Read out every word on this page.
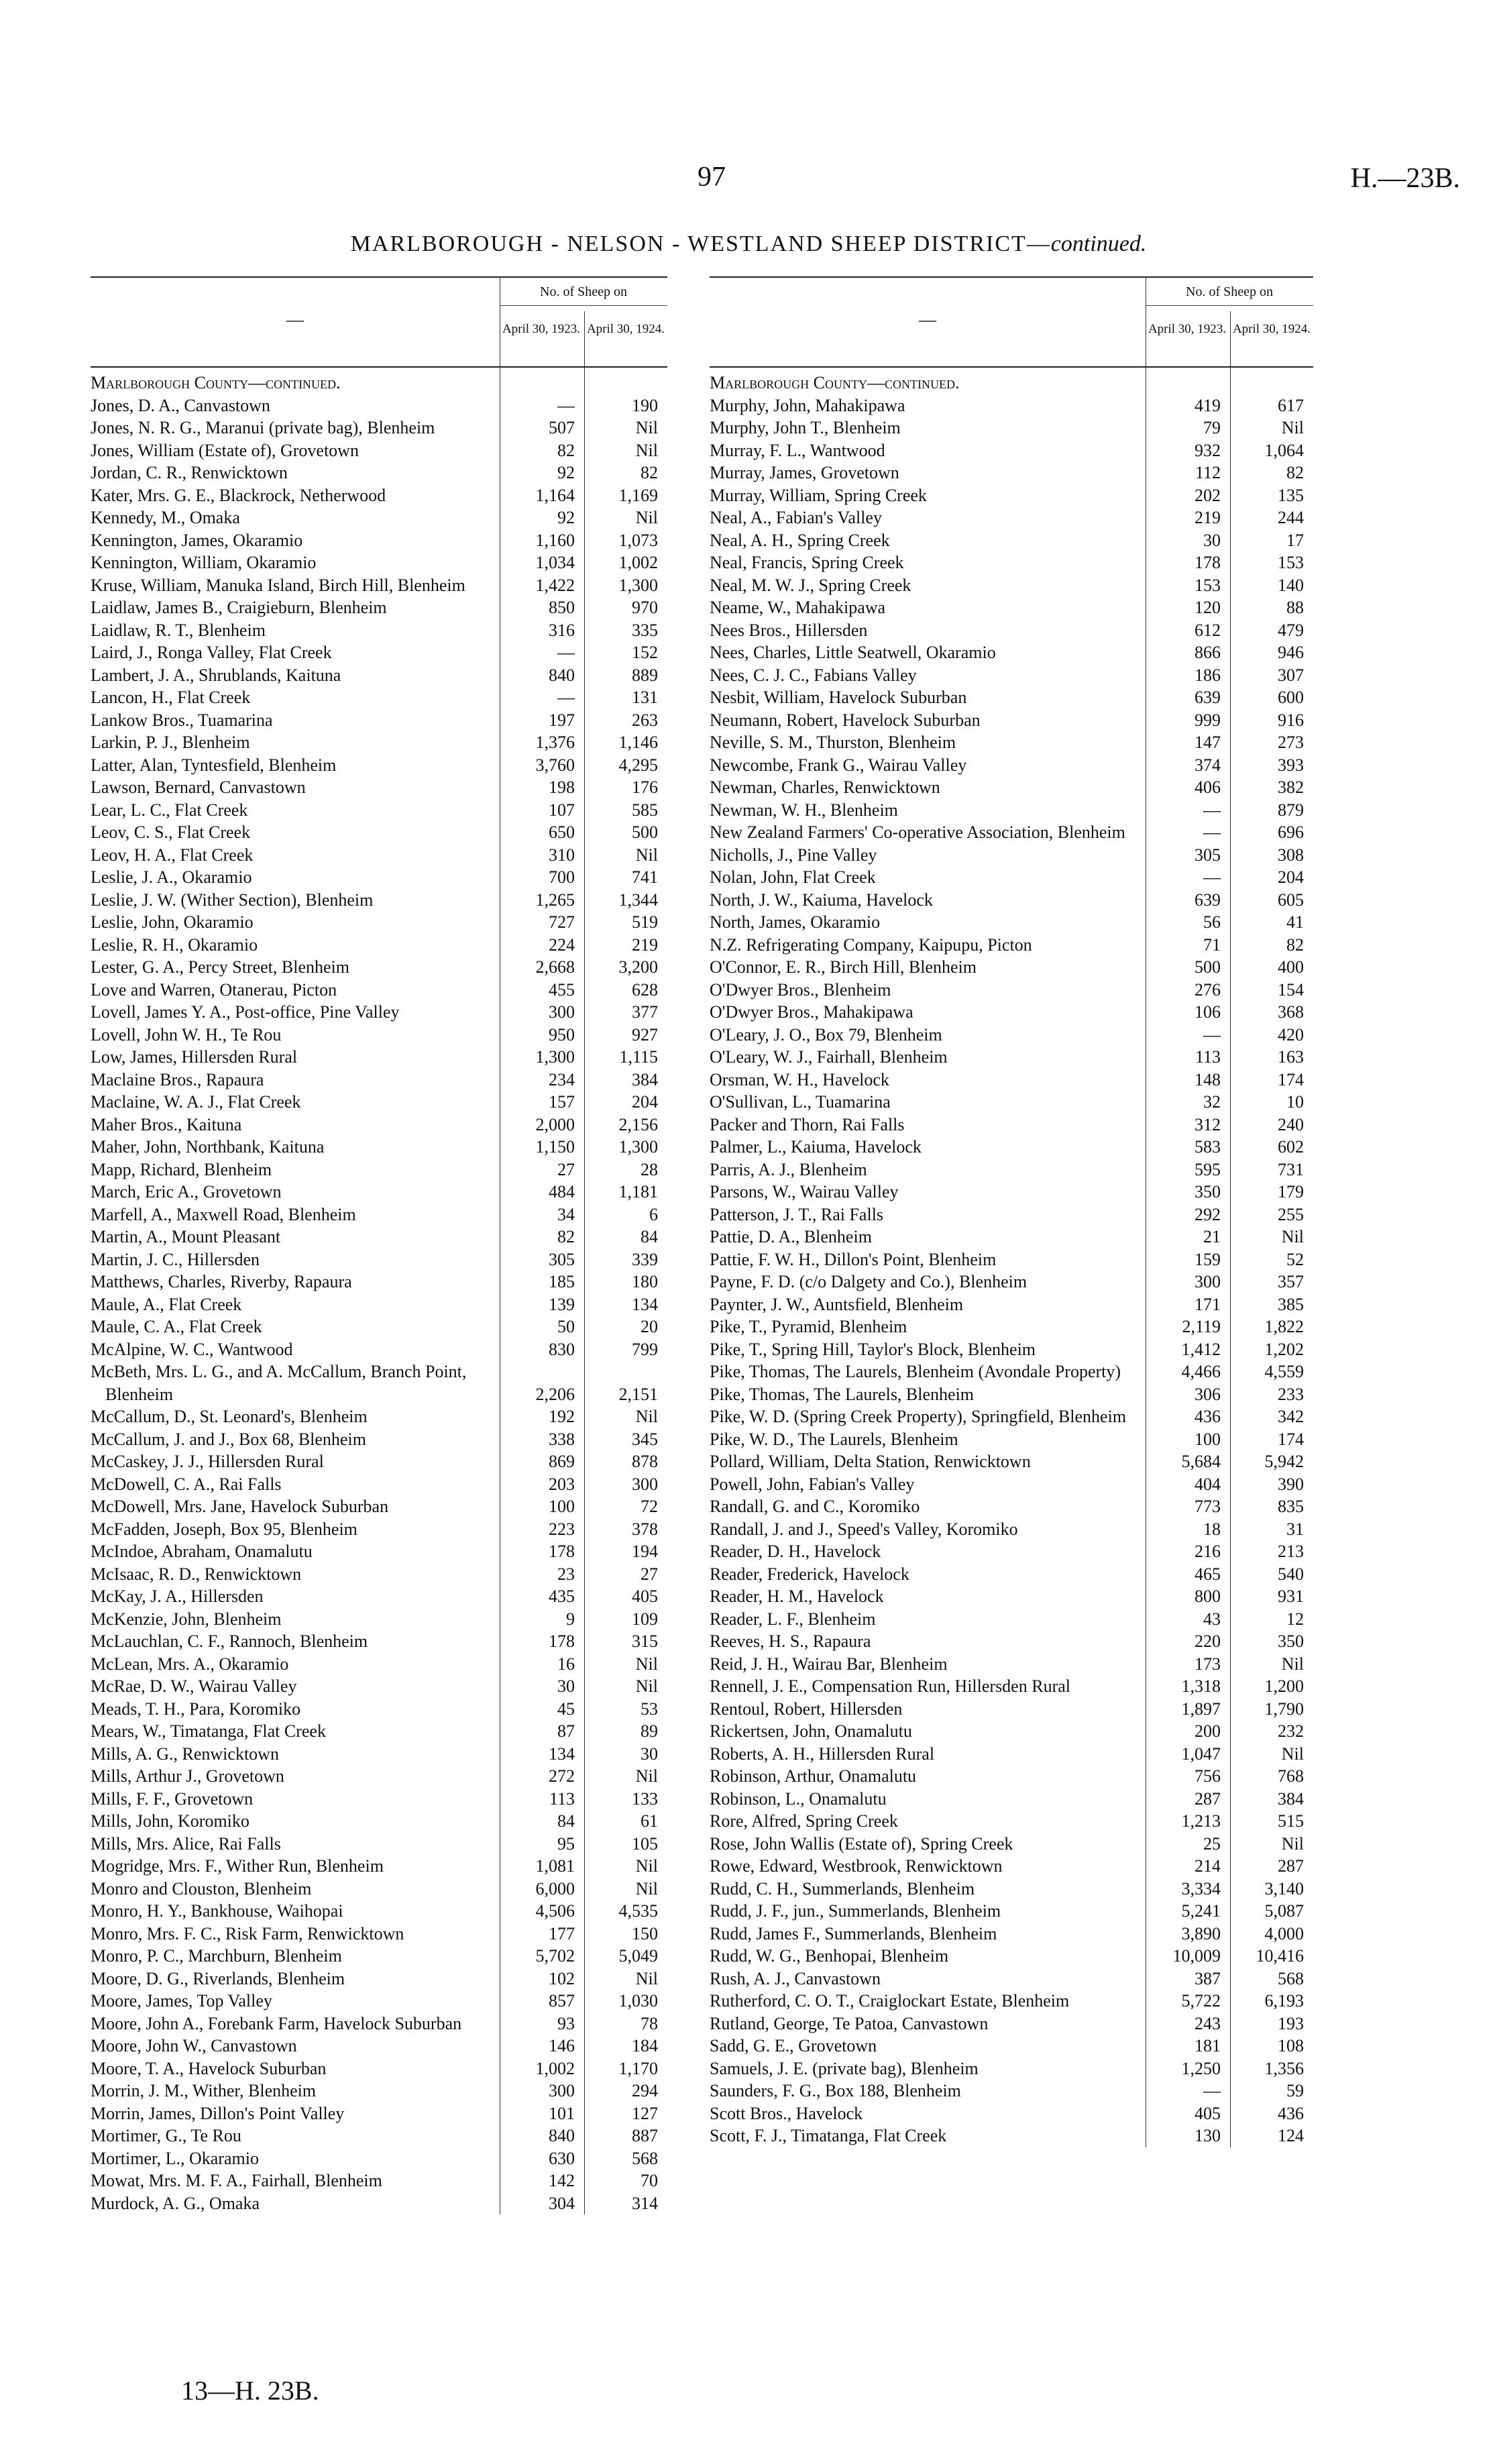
97	H.—23B.
MARLBOROUGH - NELSON - WESTLAND SHEEP DISTRICT—continued.
—
No. of Sheep on
April 30, 1923. April 30, 1924.
Marlborough County—continued.		

Jones, D. A., Canvastown	—	190

Jones, N. R. G., Maranui (private bag), Blenheim	507	Nil

Jones, William (Estate of), Grovetown	82	Nil

Jordan, C. R., Renwicktown	92	82

Kater, Mrs. G. E., Blackrock, Netherwood	1,164	1,169

Kennedy, M., Omaka	92	Nil

Kennington, James, Okaramio	1,160	1,073

Kennington, William, Okaramio	1,034	1,002

Kruse, William, Manuka Island, Birch Hill, Blenheim	1,422	1,300

Laidlaw, James B., Craigieburn, Blenheim	850	970

Laidlaw, R. T., Blenheim	316	335

Laird, J., Ronga Valley, Flat Creek	—	152

Lambert, J. A., Shrublands, Kaituna	840	889

Lancon, H., Flat Creek	—	131

Lankow Bros., Tuamarina	197	263

Larkin, P. J., Blenheim	1,376	1,146

Latter, Alan, Tyntesfield, Blenheim	3,760	4,295

Lawson, Bernard, Canvastown	198	176

Lear, L. C., Flat Creek	107	585

Leov, C. S., Flat Creek	650	500

Leov, H. A., Flat Creek	310	Nil

Leslie, J. A., Okaramio	700	741

Leslie, J. W. (Wither Section), Blenheim	1,265	1,344

Leslie, John, Okaramio	727	519

Leslie, R. H., Okaramio	224	219

Lester, G. A., Percy Street, Blenheim	2,668	3,200

Love and Warren, Otanerau, Picton	455	628

Lovell, James Y. A., Post-office, Pine Valley	300	377

Lovell, John W. H., Te Rou	950	927

Low, James, Hillersden Rural	1,300	1,115

Maclaine Bros., Rapaura	234	384

Maclaine, W. A. J., Flat Creek	157	204

Maher Bros., Kaituna	2,000	2,156

Maher, John, Northbank, Kaituna	1,150	1,300

Mapp, Richard, Blenheim	27	28

March, Eric A., Grovetown	484	1,181

Marfell, A., Maxwell Road, Blenheim	34	6

Martin, A., Mount Pleasant	82	84

Martin, J. C., Hillersden	305	339

Matthews, Charles, Riverby, Rapaura	185	180

Maule, A., Flat Creek	139	134

Maule, C. A., Flat Creek	50	20

McAlpine, W. C., Wantwood	830	799

McBeth, Mrs. L. G., and A. McCallum, Branch Point, Blenheim	2,206	2,151

McCallum, D., St. Leonard's, Blenheim	192	Nil

McCallum, J. and J., Box 68, Blenheim	338	345

McCaskey, J. J., Hillersden Rural	869	878

McDowell, C. A., Rai Falls	203	300

McDowell, Mrs. Jane, Havelock Suburban	100	72

McFadden, Joseph, Box 95, Blenheim	223	378

McIndoe, Abraham, Onamalutu	178	194

McIsaac, R. D., Renwicktown	23	27

McKay, J. A., Hillersden	435	405

McKenzie, John, Blenheim	9	109

McLauchlan, C. F., Rannoch, Blenheim	178	315

McLean, Mrs. A., Okaramio	16	Nil

McRae, D. W., Wairau Valley	30	Nil

Meads, T. H., Para, Koromiko	45	53

Mears, W., Timatanga, Flat Creek	87	89

Mills, A. G., Renwicktown	134	30

Mills, Arthur J., Grovetown	272	Nil

Mills, F. F., Grovetown	113	133

Mills, John, Koromiko	84	61

Mills, Mrs. Alice, Rai Falls	95	105

Mogridge, Mrs. F., Wither Run, Blenheim	1,081	Nil

Monro and Clouston, Blenheim	6,000	Nil

Monro, H. Y., Bankhouse, Waihopai	4,506	4,535

Monro, Mrs. F. C., Risk Farm, Renwicktown	177	150

Monro, P. C., Marchburn, Blenheim	5,702	5,049

Moore, D. G., Riverlands, Blenheim	102	Nil

Moore, James, Top Valley	857	1,030

Moore, John A., Forebank Farm, Havelock Suburban	93	78

Moore, John W., Canvastown	146	184

Moore, T. A., Havelock Suburban	1,002	1,170

Morrin, J. M., Wither, Blenheim	300	294

Morrin, James, Dillon's Point Valley	101	127

Mortimer, G., Te Rou	840	887

Mortimer, L., Okaramio	630	568

Mowat, Mrs. M. F. A., Fairhall, Blenheim	142	70

Murdock, A. G., Omaka	304	314
—
No. of Sheep on
April 30, 1923. April 30, 1924.
Marlborough County—continued.		

Murphy, John, Mahakipawa	419	617

Murphy, John T., Blenheim	79	Nil

Murray, F. L., Wantwood	932	1,064

Murray, James, Grovetown	112	82

Murray, William, Spring Creek	202	135

Neal, A., Fabian's Valley	219	244

Neal, A. H., Spring Creek	30	17

Neal, Francis, Spring Creek	178	153

Neal, M. W. J., Spring Creek	153	140

Neame, W., Mahakipawa	120	88

Nees Bros., Hillersden	612	479

Nees, Charles, Little Seatwell, Okaramio	866	946

Nees, C. J. C., Fabians Valley	186	307

Nesbit, William, Havelock Suburban	639	600

Neumann, Robert, Havelock Suburban	999	916

Neville, S. M., Thurston, Blenheim	147	273

Newcombe, Frank G., Wairau Valley	374	393

Newman, Charles, Renwicktown	406	382

Newman, W. H., Blenheim	—	879

New Zealand Farmers' Co-operative Association, Blenheim	—	696

Nicholls, J., Pine Valley	305	308

Nolan, John, Flat Creek	—	204

North, J. W., Kaiuma, Havelock	639	605

North, James, Okaramio	56	41

N.Z. Refrigerating Company, Kaipupu, Picton	71	82

O'Connor, E. R., Birch Hill, Blenheim	500	400

O'Dwyer Bros., Blenheim	276	154

O'Dwyer Bros., Mahakipawa	106	368

O'Leary, J. O., Box 79, Blenheim	—	420

O'Leary, W. J., Fairhall, Blenheim	113	163

Orsman, W. H., Havelock	148	174

O'Sullivan, L., Tuamarina	32	10

Packer and Thorn, Rai Falls	312	240

Palmer, L., Kaiuma, Havelock	583	602

Parris, A. J., Blenheim	595	731

Parsons, W., Wairau Valley	350	179

Patterson, J. T., Rai Falls	292	255

Pattie, D. A., Blenheim	21	Nil

Pattie, F. W. H., Dillon's Point, Blenheim	159	52

Payne, F. D. (c/o Dalgety and Co.), Blenheim	300	357

Paynter, J. W., Auntsfield, Blenheim	171	385

Pike, T., Pyramid, Blenheim	2,119	1,822

Pike, T., Spring Hill, Taylor's Block, Blenheim	1,412	1,202

Pike, Thomas, The Laurels, Blenheim (Avondale Property)	4,466	4,559

Pike, Thomas, The Laurels, Blenheim	306	233

Pike, W. D. (Spring Creek Property), Springfield, Blenheim	436	342

Pike, W. D., The Laurels, Blenheim	100	174

Pollard, William, Delta Station, Renwicktown	5,684	5,942

Powell, John, Fabian's Valley	404	390

Randall, G. and C., Koromiko	773	835

Randall, J. and J., Speed's Valley, Koromiko	18	31

Reader, D. H., Havelock	216	213

Reader, Frederick, Havelock	465	540

Reader, H. M., Havelock	800	931

Reader, L. F., Blenheim	43	12

Reeves, H. S., Rapaura	220	350

Reid, J. H., Wairau Bar, Blenheim	173	Nil

Rennell, J. E., Compensation Run, Hillersden Rural	1,318	1,200

Rentoul, Robert, Hillersden	1,897	1,790

Rickertsen, John, Onamalutu	200	232

Roberts, A. H., Hillersden Rural	1,047	Nil

Robinson, Arthur, Onamalutu	756	768

Robinson, L., Onamalutu	287	384

Rore, Alfred, Spring Creek	1,213	515

Rose, John Wallis (Estate of), Spring Creek	25	Nil

Rowe, Edward, Westbrook, Renwicktown	214	287

Rudd, C. H., Summerlands, Blenheim	3,334	3,140

Rudd, J. F., jun., Summerlands, Blenheim	5,241	5,087

Rudd, James F., Summerlands, Blenheim	3,890	4,000

Rudd, W. G., Benhopai, Blenheim	10,009	10,416

Rush, A. J., Canvastown	387	568

Rutherford, C. O. T., Craiglockart Estate, Blenheim	5,722	6,193

Rutland, George, Te Patoa, Canvastown	243	193

Sadd, G. E., Grovetown	181	108

Samuels, J. E. (private bag), Blenheim	1,250	1,356

Saunders, F. G., Box 188, Blenheim	—	59

Scott Bros., Havelock	405	436

Scott, F. J., Timatanga, Flat Creek	130	124
13—H. 23B.
